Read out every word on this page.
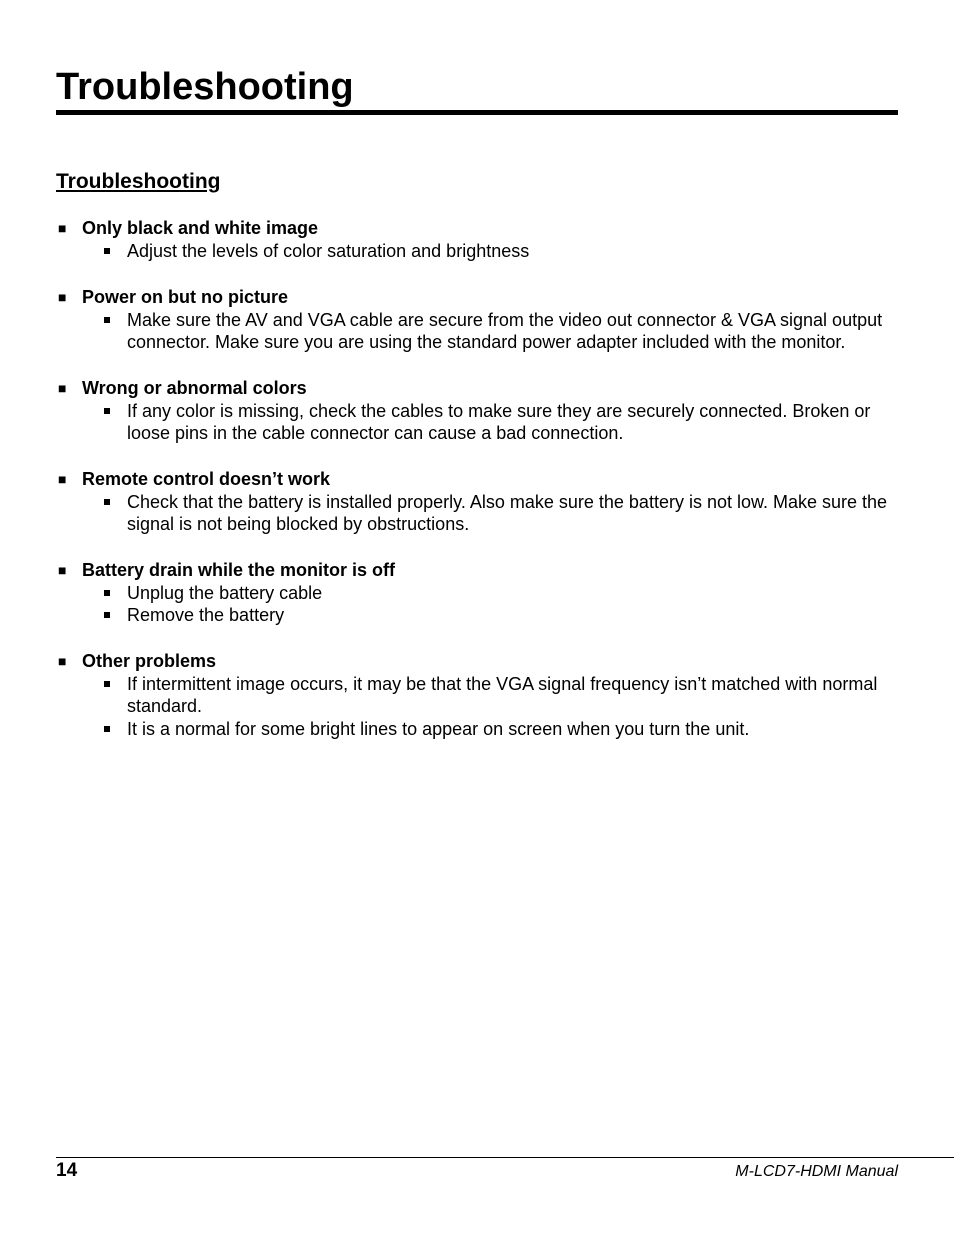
Troubleshooting
Troubleshooting
■ Only black and white image
Adjust the levels of color saturation and brightness
■ Power on but no picture
Make sure the AV and VGA cable are secure from the video out connector & VGA signal output connector. Make sure you are using the standard power adapter included with the monitor.
■ Wrong or abnormal colors
If any color is missing, check the cables to make sure they are securely connected. Broken or loose pins in the cable connector can cause a bad connection.
■ Remote control doesn’t work
Check that the battery is installed properly. Also make sure the battery is not low. Make sure the signal is not being blocked by obstructions.
■ Battery drain while the monitor is off
Unplug the battery cable
Remove the battery
■ Other problems
If intermittent image occurs, it may be that the VGA signal frequency isn’t matched with normal standard.
It is a normal for some bright lines to appear on screen when you turn the unit.
14	M-LCD7-HDMI Manual
